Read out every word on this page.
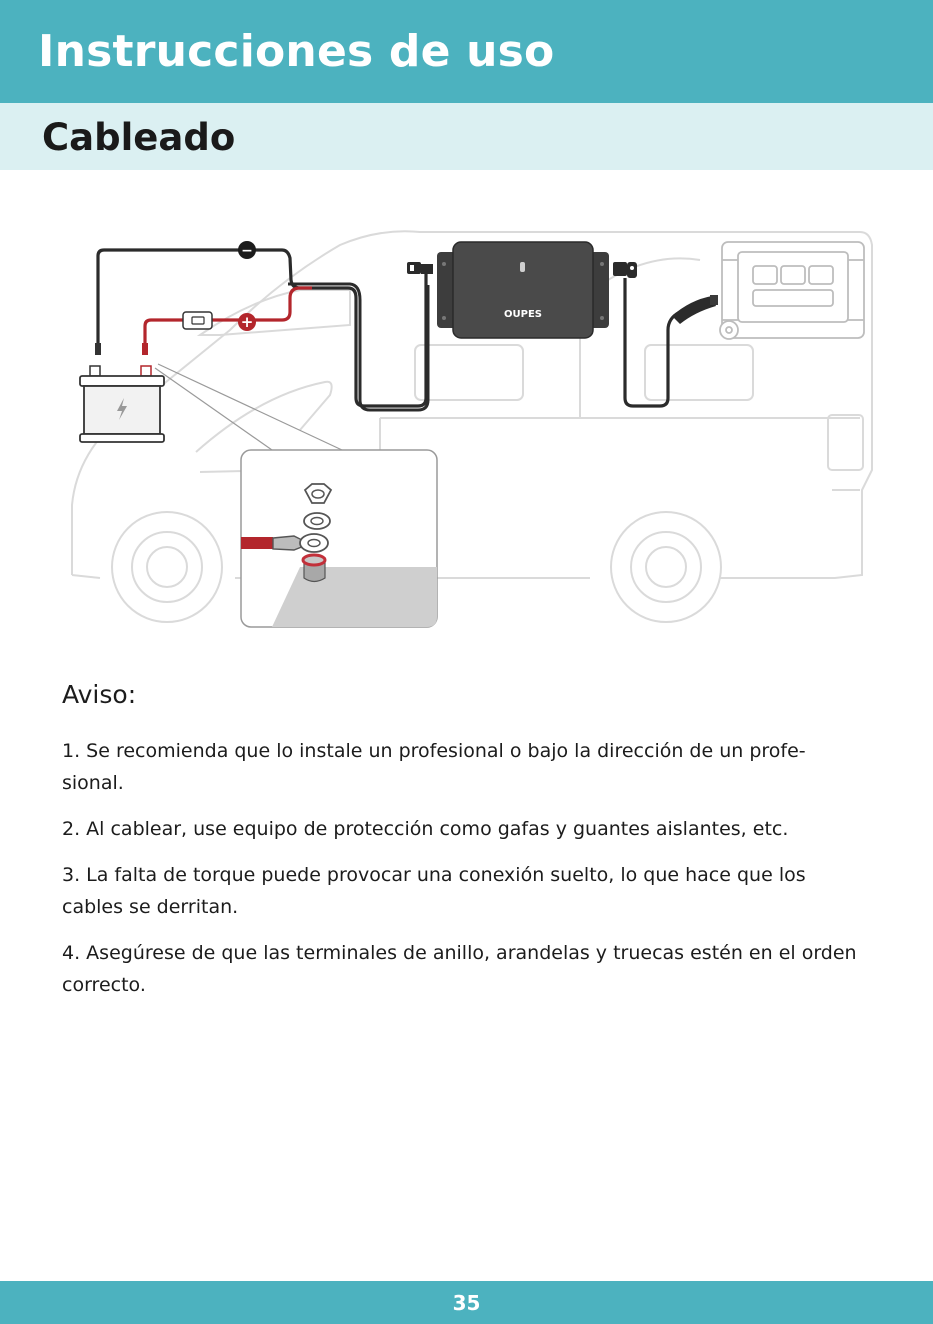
Instrucciones de uso
Cableado
−
+	OUPES
Aviso:

1. Se recomienda que lo instale un profesional o bajo la dirección de un profe-sional.

2. Al cablear, use equipo de protección como gafas y guantes aislantes, etc.

3. La falta de torque puede provocar una conexión suelto, lo que hace que los cables se derritan.

4. Asegúrese de que las terminales de anillo, arandelas y truecas estén en el orden correcto.

35
